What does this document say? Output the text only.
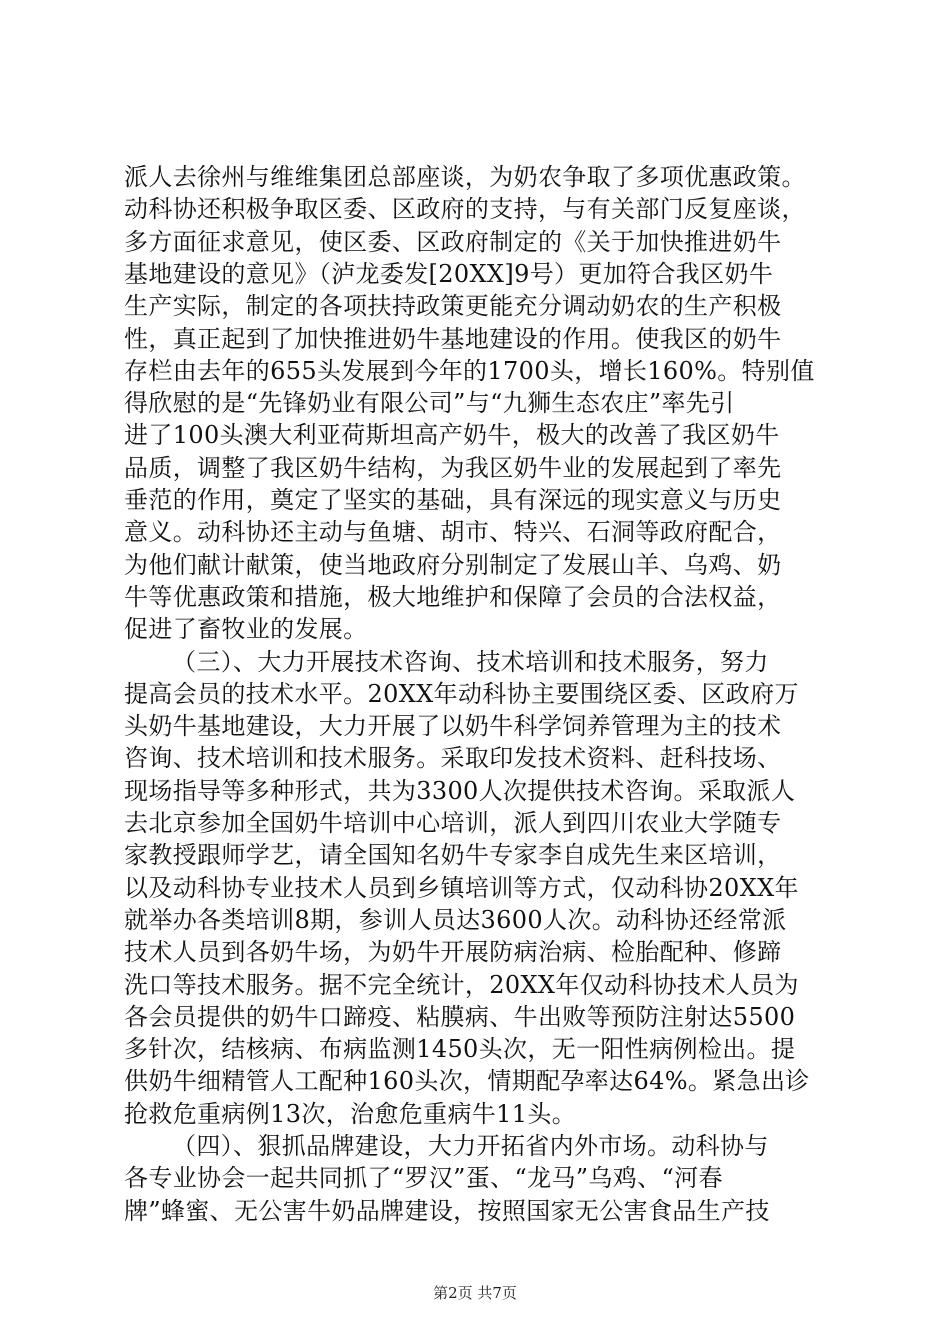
派人去徐州与维维集团总部座谈，为奶农争取了多项优惠政策。
动科协还积极争取区委、区政府的支持，与有关部门反复座谈，
多方面征求意见，使区委、区政府制定的《关于加快推进奶牛
基地建设的意见》（泸龙委发[20XX]9号）更加符合我区奶牛
生产实际，制定的各项扶持政策更能充分调动奶农的生产积极
性，真正起到了加快推进奶牛基地建设的作用。使我区的奶牛
存栏由去年的655头发展到今年的1700头，增长160%。特别值
得欣慰的是“先锋奶业有限公司”与“九狮生态农庄”率先引
进了100头澳大利亚荷斯坦高产奶牛，极大的改善了我区奶牛
品质，调整了我区奶牛结构，为我区奶牛业的发展起到了率先
垂范的作用，奠定了坚实的基础，具有深远的现实意义与历史
意义。动科协还主动与鱼塘、胡市、特兴、石洞等政府配合，
为他们献计献策，使当地政府分别制定了发展山羊、乌鸡、奶
牛等优惠政策和措施，极大地维护和保障了会员的合法权益，
促进了畜牧业的发展。
（三）、大力开展技术咨询、技术培训和技术服务，努力
提高会员的技术水平。20XX年动科协主要围绕区委、区政府万
头奶牛基地建设，大力开展了以奶牛科学饲养管理为主的技术
咨询、技术培训和技术服务。采取印发技术资料、赶科技场、
现场指导等多种形式，共为3300人次提供技术咨询。采取派人
去北京参加全国奶牛培训中心培训，派人到四川农业大学随专
家教授跟师学艺，请全国知名奶牛专家李自成先生来区培训，
以及动科协专业技术人员到乡镇培训等方式，仅动科协20XX年
就举办各类培训8期，参训人员达3600人次。动科协还经常派
技术人员到各奶牛场，为奶牛开展防病治病、检胎配种、修蹄
洗口等技术服务。据不完全统计，20XX年仅动科协技术人员为
各会员提供的奶牛口蹄疫、粘膜病、牛出败等预防注射达5500
多针次，结核病、布病监测1450头次，无一阳性病例检出。提
供奶牛细精管人工配种160头次，情期配孕率达64%。紧急出诊
抢救危重病例13次，治愈危重病牛11头。
（四）、狠抓品牌建设，大力开拓省内外市场。动科协与
各专业协会一起共同抓了“罗汉”蛋、“龙马”乌鸡、“河春
牌”蜂蜜、无公害牛奶品牌建设，按照国家无公害食品生产技
第2页 共7页
